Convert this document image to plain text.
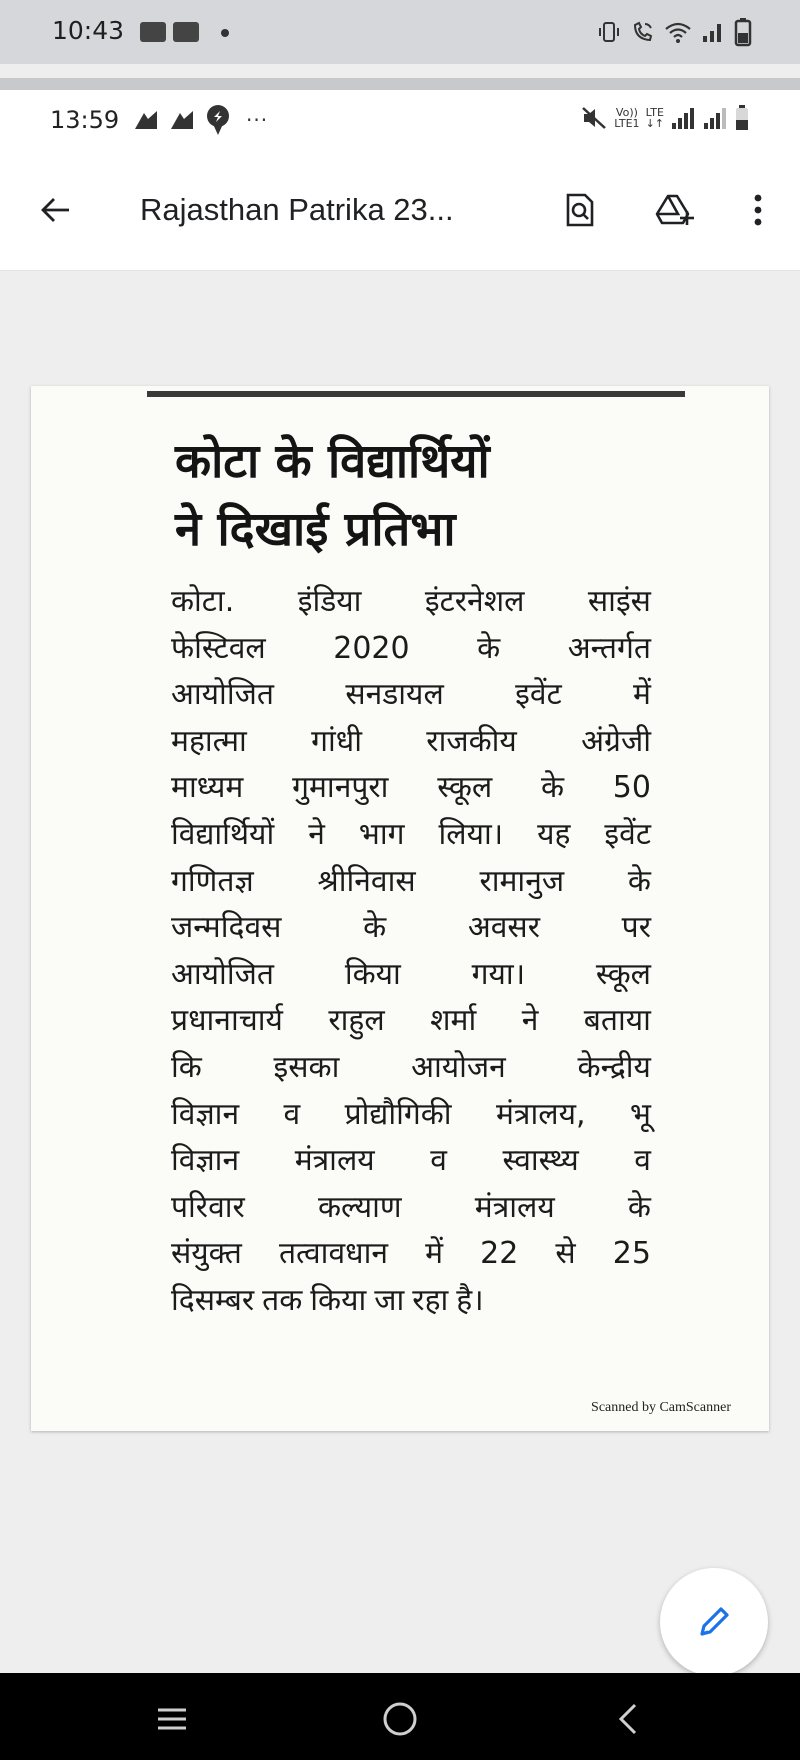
10:43
13:59	···	Vo))
LTE1
LTE
↓↑
Rajasthan Patrika 23...
कोटा के विद्यार्थियों
ने दिखाई प्रतिभा
कोटा. इंडिया इंटरनेशल साइंस
फेस्टिवल 2020 के अन्तर्गत
आयोजित सनडायल इवेंट में
महात्मा गांधी राजकीय अंग्रेजी
माध्यम गुमानपुरा स्कूल के 50
विद्यार्थियों ने भाग लिया। यह इवेंट
गणितज्ञ श्रीनिवास रामानुज के
जन्मदिवस	के	अवसर	पर
आयोजित किया गया। स्कूल
प्रधानाचार्य राहुल शर्मा ने बताया
कि इसका आयोजन केन्द्रीय
विज्ञान व प्रोद्यौगिकी मंत्रालय, भू
विज्ञान मंत्रालय व स्वास्थ्य व
परिवार कल्याण मंत्रालय के
संयुक्त तत्वावधान में 22 से 25
दिसम्बर तक किया जा रहा है।
Scanned by CamScanner
